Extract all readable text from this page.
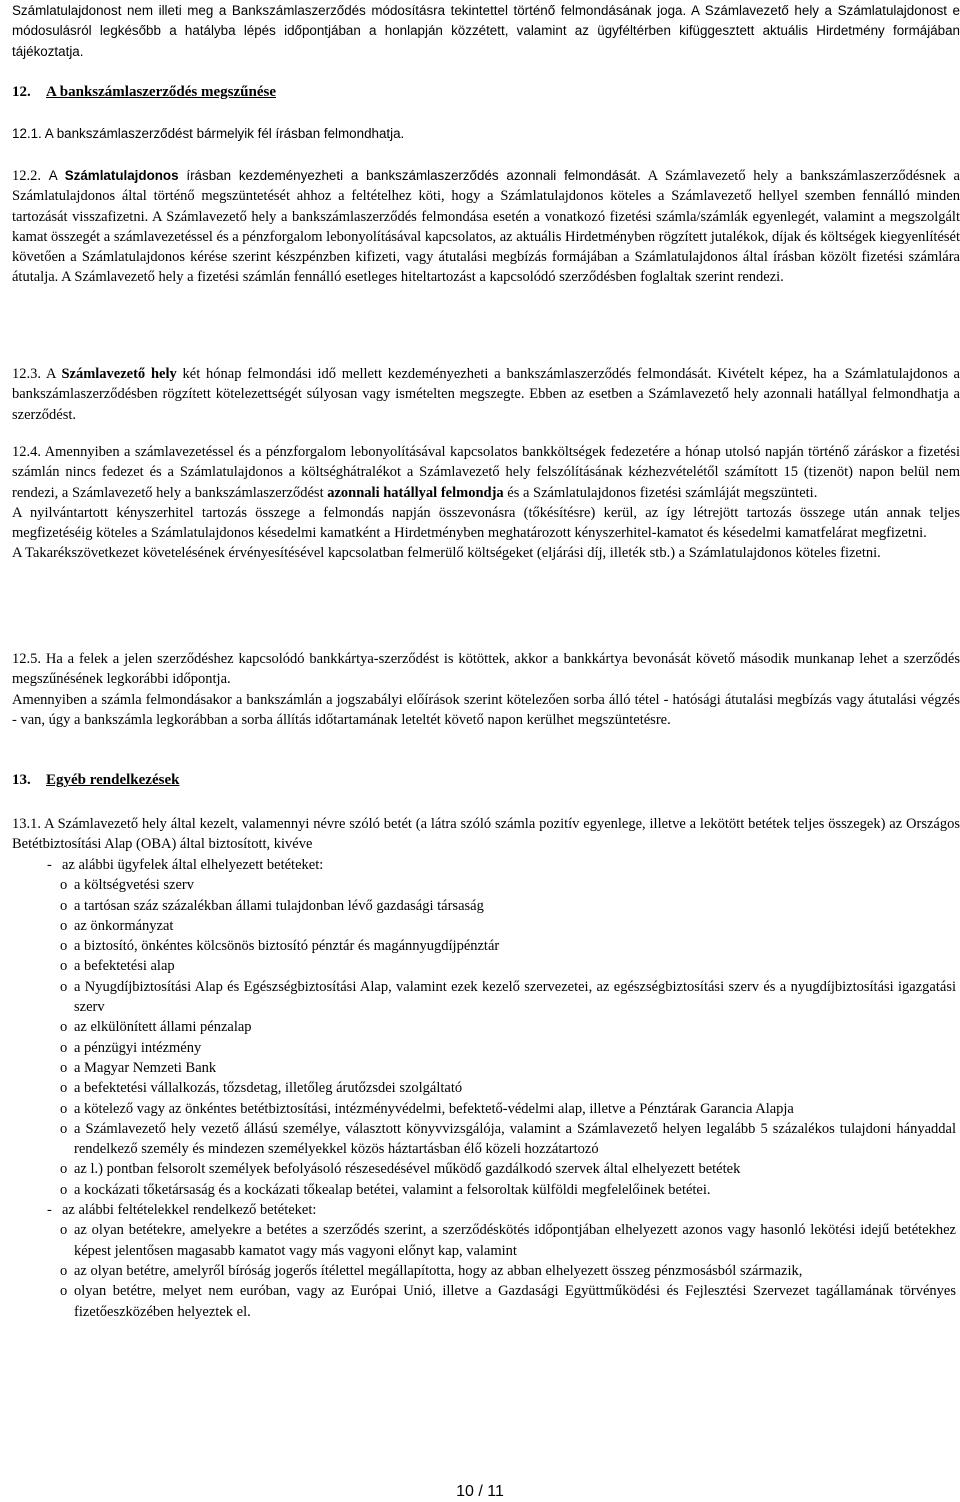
Számlatulajdonost nem illeti meg a Bankszámlaszerződés módosításra tekintettel történő felmondásának joga. A Számlavezető hely a Számlatulajdonost e módosulásról legkésőbb a hatályba lépés időpontjában a honlapján közzétett, valamint az ügyféltérben kifüggesztett aktuális Hirdetmény formájában tájékoztatja.
12. A bankszámlaszerződés megszűnése
12.1. A bankszámlaszerződést bármelyik fél írásban felmondhatja.
12.2. A Számlatulajdonos írásban kezdeményezheti a bankszámlaszerződés azonnali felmondását. A Számlavezető hely a bankszámlaszerződésnek a Számlatulajdonos által történő megszüntetését ahhoz a feltételhez köti, hogy a Számlatulajdonos köteles a Számlavezető hellyel szemben fennálló minden tartozását visszafizetni. A Számlavezető hely a bankszámlaszerződés felmondása esetén a vonatkozó fizetési számla/számlák egyenlegét, valamint a megszolgált kamat összegét a számlavezetéssel és a pénzforgalom lebonyolításával kapcsolatos, az aktuális Hirdetményben rögzített jutalékok, díjak és költségek kiegyenlítését követően a Számlatulajdonos kérése szerint készpénzben kifizeti, vagy átutalási megbízás formájában a Számlatulajdonos által írásban közölt fizetési számlára átutalja. A Számlavezető hely a fizetési számlán fennálló esetleges hiteltartozást a kapcsolódó szerződésben foglaltak szerint rendezi.
12.3. A Számlavezető hely két hónap felmondási idő mellett kezdeményezheti a bankszámlaszerződés felmondását. Kivételt képez, ha a Számlatulajdonos a bankszámlaszerződésben rögzített kötelezettségét súlyosan vagy ismételten megszegte. Ebben az esetben a Számlavezető hely azonnali hatállyal felmondhatja a szerződést.
12.4. Amennyiben a számlavezetéssel és a pénzforgalom lebonyolításával kapcsolatos bankköltségek fedezetére a hónap utolsó napján történő záráskor a fizetési számlán nincs fedezet és a Számlatulajdonos a költséghátralékot a Számlavezető hely felszólításának kézhezvételétől számított 15 (tizenöt) napon belül nem rendezi, a Számlavezető hely a bankszámlaszerződést azonnali hatállyal felmondja és a Számlatulajdonos fizetési számláját megszünteti.
A nyilvántartott kényszerhitel tartozás összege a felmondás napján összevonásra (tőkésítésre) kerül, az így létrejött tartozás összege után annak teljes megfizetéséig köteles a Számlatulajdonos késedelmi kamatként a Hirdetményben meghatározott kényszerhitel-kamatot és késedelmi kamatfelárat megfizetni.
A Takarékszövetkezet követelésének érvényesítésével kapcsolatban felmerülő költségeket (eljárási díj, illeték stb.) a Számlatulajdonos köteles fizetni.
12.5. Ha a felek a jelen szerződéshez kapcsolódó bankkártya-szerződést is kötöttek, akkor a bankkártya bevonását követő második munkanap lehet a szerződés megszűnésének legkorábbi időpontja.
Amennyiben a számla felmondásakor a bankszámlán a jogszabályi előírások szerint kötelezően sorba álló tétel - hatósági átutalási megbízás vagy átutalási végzés - van, úgy a bankszámla legkorábban a sorba állítás időtartamának leteltét követő napon kerülhet megszüntetésre.
13. Egyéb rendelkezések
13.1. A Számlavezető hely által kezelt, valamennyi névre szóló betét (a látra szóló számla pozitív egyenlege, illetve a lekötött betétek teljes összegek) az Országos Betétbiztosítási Alap (OBA) által biztosított, kivéve
- az alábbi ügyfelek által elhelyezett betéteket:
o a költségvetési szerv
o a tartósan száz százalékban állami tulajdonban lévő gazdasági társaság
o az önkormányzat
o a biztosító, önkéntes kölcsönös biztosító pénztár és magánnyugdíjpénztár
o a befektetési alap
o a Nyugdíjbiztosítási Alap és Egészségbiztosítási Alap, valamint ezek kezelő szervezetei, az egészségbiztosítási szerv és a nyugdíjbiztosítási igazgatási szerv
o az elkülönített állami pénzalap
o a pénzügyi intézmény
o a Magyar Nemzeti Bank
o a befektetési vállalkozás, tőzsdetag, illetőleg árutőzsdei szolgáltató
o a kötelező vagy az önkéntes betétbiztosítási, intézményvédelmi, befektető-védelmi alap, illetve a Pénztárak Garancia Alapja
o a Számlavezető hely vezető állású személye, választott könyvvizsgálója, valamint a Számlavezető helyen legalább 5 százalékos tulajdoni hányaddal rendelkező személy és mindezen személyekkel közös háztartásban élő közeli hozzátartozó
o az l.) pontban felsorolt személyek befolyásoló részesedésével működő gazdálkodó szervek által elhelyezett betétek
o a kockázati tőketársaság és a kockázati tőkealap betétei, valamint a felsoroltak külföldi megfelelőinek betétei.
- az alábbi feltételekkel rendelkező betéteket:
o az olyan betétekre, amelyekre a betétes a szerződés szerint, a szerződéskötés időpontjában elhelyezett azonos vagy hasonló lekötési idejű betétekhez képest jelentősen magasabb kamatot vagy más vagyoni előnyt kap, valamint
o az olyan betétre, amelyről bíróság jogerős ítélettel megállapította, hogy az abban elhelyezett összeg pénzmosásból származik,
o olyan betétre, melyet nem euróban, vagy az Európai Unió, illetve a Gazdasági Együttműködési és Fejlesztési Szervezet tagállamának törvényes fizetőeszközében helyeztek el.
10 / 11
